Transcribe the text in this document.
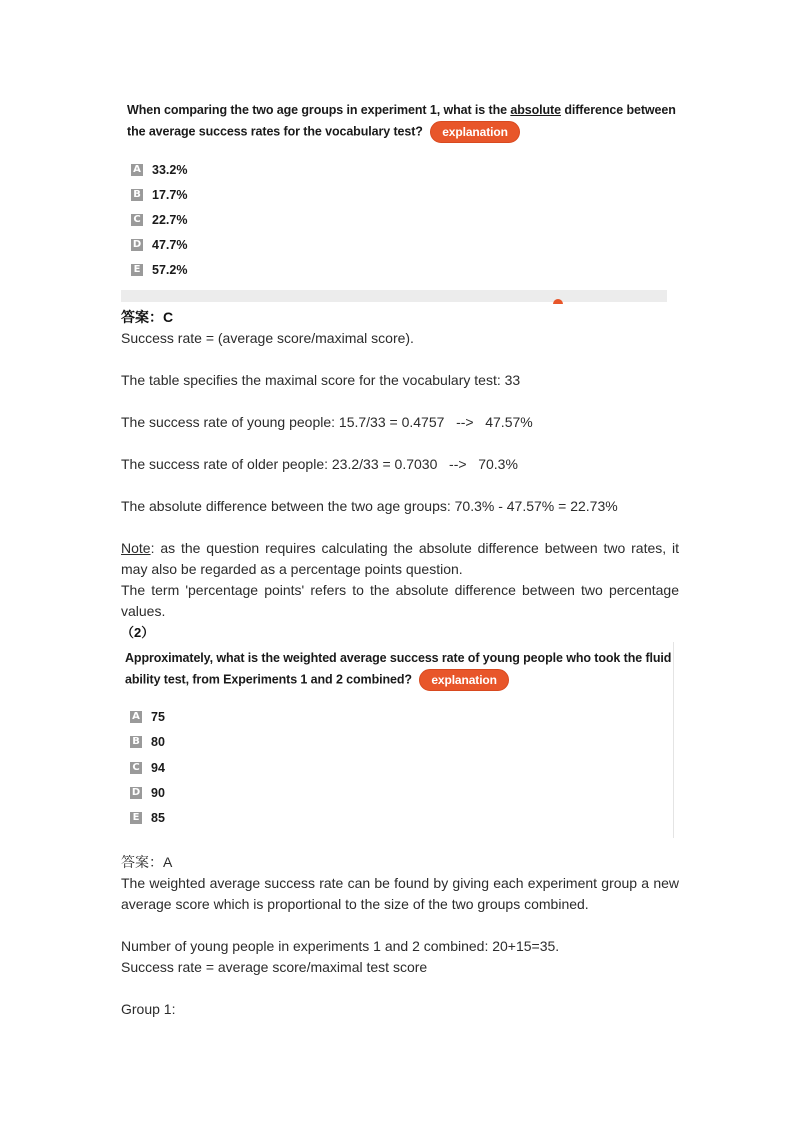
When comparing the two age groups in experiment 1, what is the absolute difference between
the average success rates for the vocabulary test? explanation
A 33.2%
B 17.7%
C 22.7%
D 47.7%
E 57.2%
答案：C
Success rate = (average score/maximal score).
The table specifies the maximal score for the vocabulary test: 33
The success rate of young people: 15.7/33 = 0.4757   -->   47.57%
The success rate of older people: 23.2/33 = 0.7030   -->   70.3%
The absolute difference between the two age groups: 70.3% - 47.57% = 22.73%
Note: as the question requires calculating the absolute difference between two rates, it may also be regarded as a percentage points question.
The term 'percentage points' refers to the absolute difference between two percentage values.
（2）
Approximately, what is the weighted average success rate of young people who took the fluid
ability test, from Experiments 1 and 2 combined? explanation
A 75
B 80
C 94
D 90
E 85
答案：A
The weighted average success rate can be found by giving each experiment group a new average score which is proportional to the size of the two groups combined.
Number of young people in experiments 1 and 2 combined: 20+15=35.
Success rate = average score/maximal test score
Group 1:
